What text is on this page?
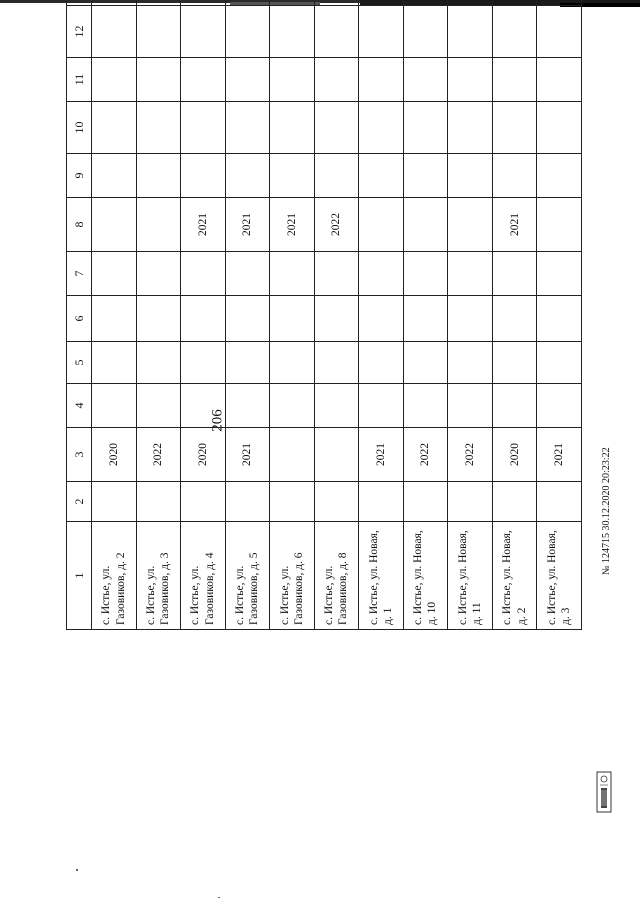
206
1	2	3	4	5	6	7	8	9	10	11	12	
с. Истье, ул. Газовиков, д. 2		2020										
с. Истье, ул. Газовиков, д. 3		2022										
с. Истье, ул. Газовиков, д. 4		2020					2021					
с. Истье, ул. Газовиков, д. 5		2021					2021					
с. Истье, ул. Газовиков, д. 6							2021					
с. Истье, ул. Газовиков, д. 8							2022					
с. Истье, ул. Новая, д. 1		2021										
с. Истье, ул. Новая, д. 10		2022										
с. Истье, ул. Новая, д. 11		2022										
с. Истье, ул. Новая, д. 2		2020					2021					
с. Истье, ул. Новая, д. 3		2021											№ 124715 30.12.2020 20:23:22
